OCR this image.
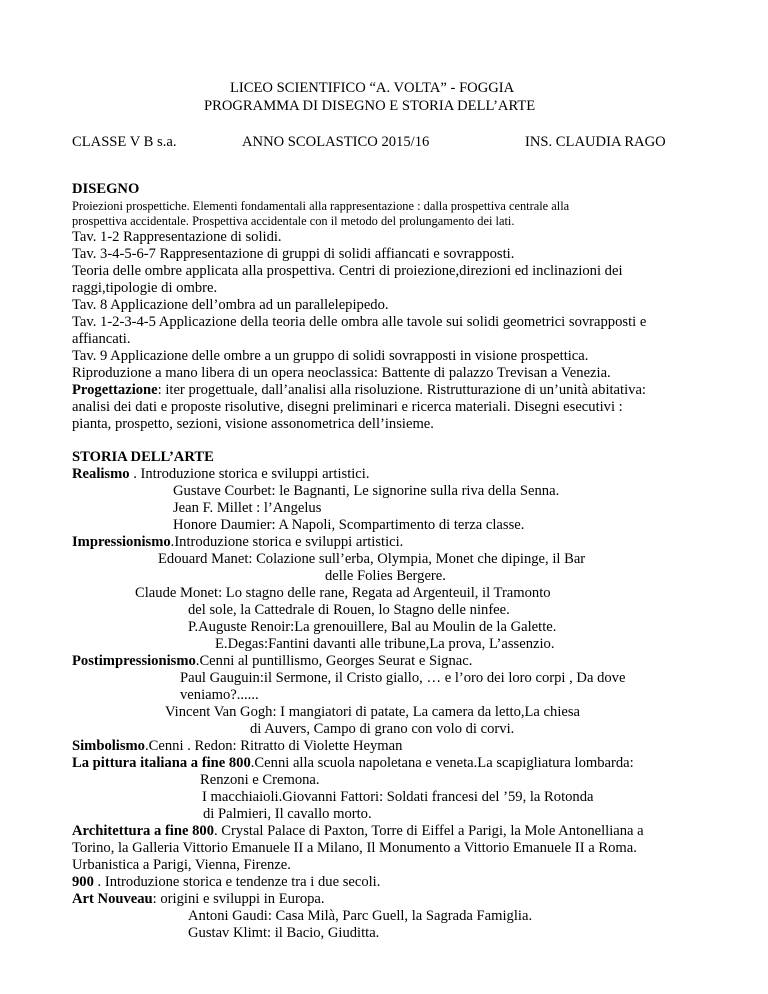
LICEO SCIENTIFICO “A. VOLTA” - FOGGIA
PROGRAMMA DI DISEGNO E STORIA DELL’ARTE
CLASSE V B s.a.	ANNO SCOLASTICO 2015/16	INS. CLAUDIA RAGO
DISEGNO
Proiezioni prospettiche. Elementi fondamentali alla rappresentazione : dalla prospettiva centrale alla
prospettiva accidentale. Prospettiva accidentale con il metodo del prolungamento dei lati.
Tav. 1-2 Rappresentazione di solidi.
Tav. 3-4-5-6-7 Rappresentazione di gruppi di solidi affiancati e sovrapposti.
Teoria delle ombre applicata alla prospettiva. Centri di proiezione,direzioni ed inclinazioni dei
raggi,tipologie di ombre.
Tav. 8 Applicazione dell’ombra ad un parallelepipedo.
Tav. 1-2-3-4-5 Applicazione della teoria delle ombra alle tavole sui solidi geometrici sovrapposti e
affiancati.
Tav. 9 Applicazione delle ombre a un gruppo di solidi sovrapposti in visione prospettica.
Riproduzione a mano libera di un opera neoclassica: Battente di palazzo Trevisan a Venezia.
Progettazione: iter progettuale, dall’analisi alla risoluzione. Ristrutturazione di un’unità abitativa:
analisi dei dati e proposte risolutive, disegni preliminari e ricerca materiali. Disegni esecutivi :
pianta, prospetto, sezioni, visione assonometrica dell’insieme.
STORIA DELL’ARTE
Realismo . Introduzione storica e sviluppi artistici.
Gustave Courbet: le Bagnanti, Le signorine sulla riva della Senna.
Jean F. Millet : l’Angelus
Honore Daumier: A Napoli, Scompartimento di terza classe.
Impressionismo.Introduzione storica e sviluppi artistici.
Edouard Manet: Colazione sull’erba, Olympia, Monet che dipinge, il Bar
delle Folies Bergere.
Claude Monet: Lo stagno delle rane, Regata ad Argenteuil, il Tramonto
del sole, la Cattedrale di Rouen, lo Stagno delle ninfee.
P.Auguste Renoir:La grenouillere, Bal au Moulin de la Galette.
E.Degas:Fantini davanti alle tribune,La prova, L’assenzio.
Postimpressionismo.Cenni al puntillismo, Georges Seurat e Signac.
Paul Gauguin:il Sermone, il Cristo giallo, … e l’oro dei loro corpi , Da dove
veniamo?......
Vincent Van Gogh: I mangiatori di patate, La camera da letto,La chiesa
di Auvers, Campo di grano con volo di corvi.
Simbolismo.Cenni . Redon: Ritratto di Violette Heyman
La pittura italiana a fine 800.Cenni alla scuola napoletana e veneta.La scapigliatura lombarda:
Renzoni e Cremona.
I macchiaioli.Giovanni Fattori: Soldati francesi del ’59, la Rotonda
di Palmieri, Il cavallo morto.
Architettura a fine 800. Crystal Palace di Paxton, Torre di Eiffel a Parigi, la Mole Antonelliana a
Torino, la Galleria Vittorio Emanuele II a Milano, Il Monumento a Vittorio Emanuele II a Roma.
Urbanistica a Parigi, Vienna, Firenze.
900 . Introduzione storica e tendenze tra i due secoli.
Art Nouveau: origini e sviluppi in Europa.
Antoni Gaudi: Casa Milà, Parc Guell, la Sagrada Famiglia.
Gustav Klimt: il Bacio, Giuditta.
